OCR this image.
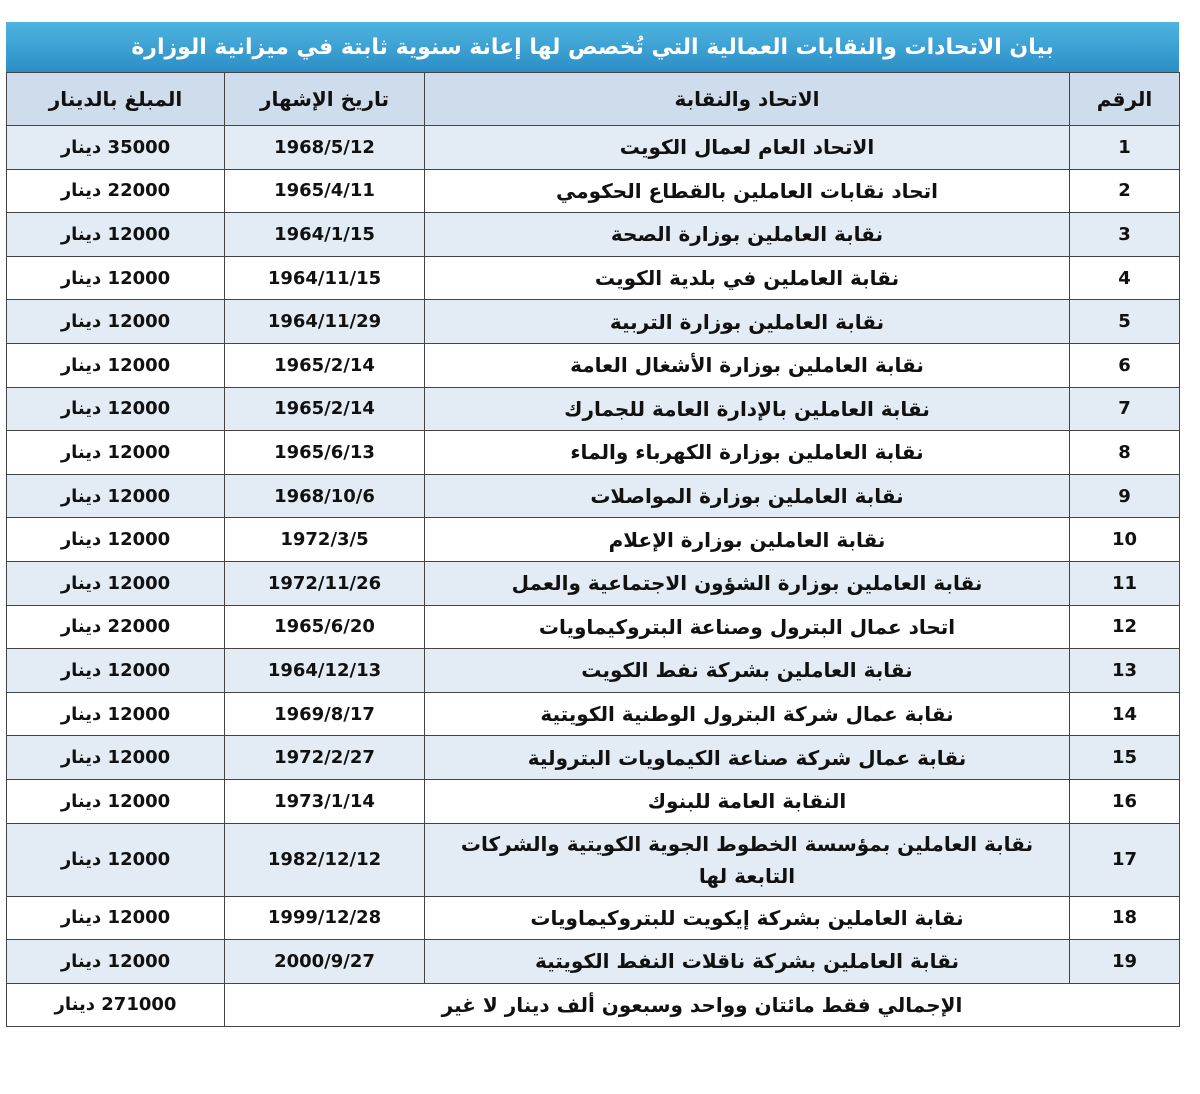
بيان الاتحادات والنقابات العمالية التي تُخصص لها إعانة سنوية ثابتة في ميزانية الوزارة
الرقم	الاتحاد والنقابة	تاريخ الإشهار	المبلغ بالدينار
1	الاتحاد العام لعمال الكويت	1968/5/12	35000 دينار
2	اتحاد نقابات العاملين بالقطاع الحكومي	1965/4/11	22000 دينار
3	نقابة العاملين بوزارة الصحة	1964/1/15	12000 دينار
4	نقابة العاملين في بلدية الكويت	1964/11/15	12000 دينار
5	نقابة العاملين بوزارة التربية	1964/11/29	12000 دينار
6	نقابة العاملين بوزارة الأشغال العامة	1965/2/14	12000 دينار
7	نقابة العاملين بالإدارة العامة للجمارك	1965/2/14	12000 دينار
8	نقابة العاملين بوزارة الكهرباء والماء	1965/6/13	12000 دينار
9	نقابة العاملين بوزارة المواصلات	1968/10/6	12000 دينار
10	نقابة العاملين بوزارة الإعلام	1972/3/5	12000 دينار
11	نقابة العاملين بوزارة الشؤون الاجتماعية والعمل	1972/11/26	12000 دينار
12	اتحاد عمال البترول وصناعة البتروكيماويات	1965/6/20	22000 دينار
13	نقابة العاملين بشركة نفط الكويت	1964/12/13	12000 دينار
14	نقابة عمال شركة البترول الوطنية الكويتية	1969/8/17	12000 دينار
15	نقابة عمال شركة صناعة الكيماويات البترولية	1972/2/27	12000 دينار
16	النقابة العامة للبنوك	1973/1/14	12000 دينار
17	نقابة العاملين بمؤسسة الخطوط الجوية الكويتية والشركات التابعة لها	1982/12/12	12000 دينار
18	نقابة العاملين بشركة إيكويت للبتروكيماويات	1999/12/28	12000 دينار
19	نقابة العاملين بشركة ناقلات النفط الكويتية	2000/9/27	12000 دينار
الإجمالي فقط مائتان وواحد وسبعون ألف دينار لا غير			271000 دينار
